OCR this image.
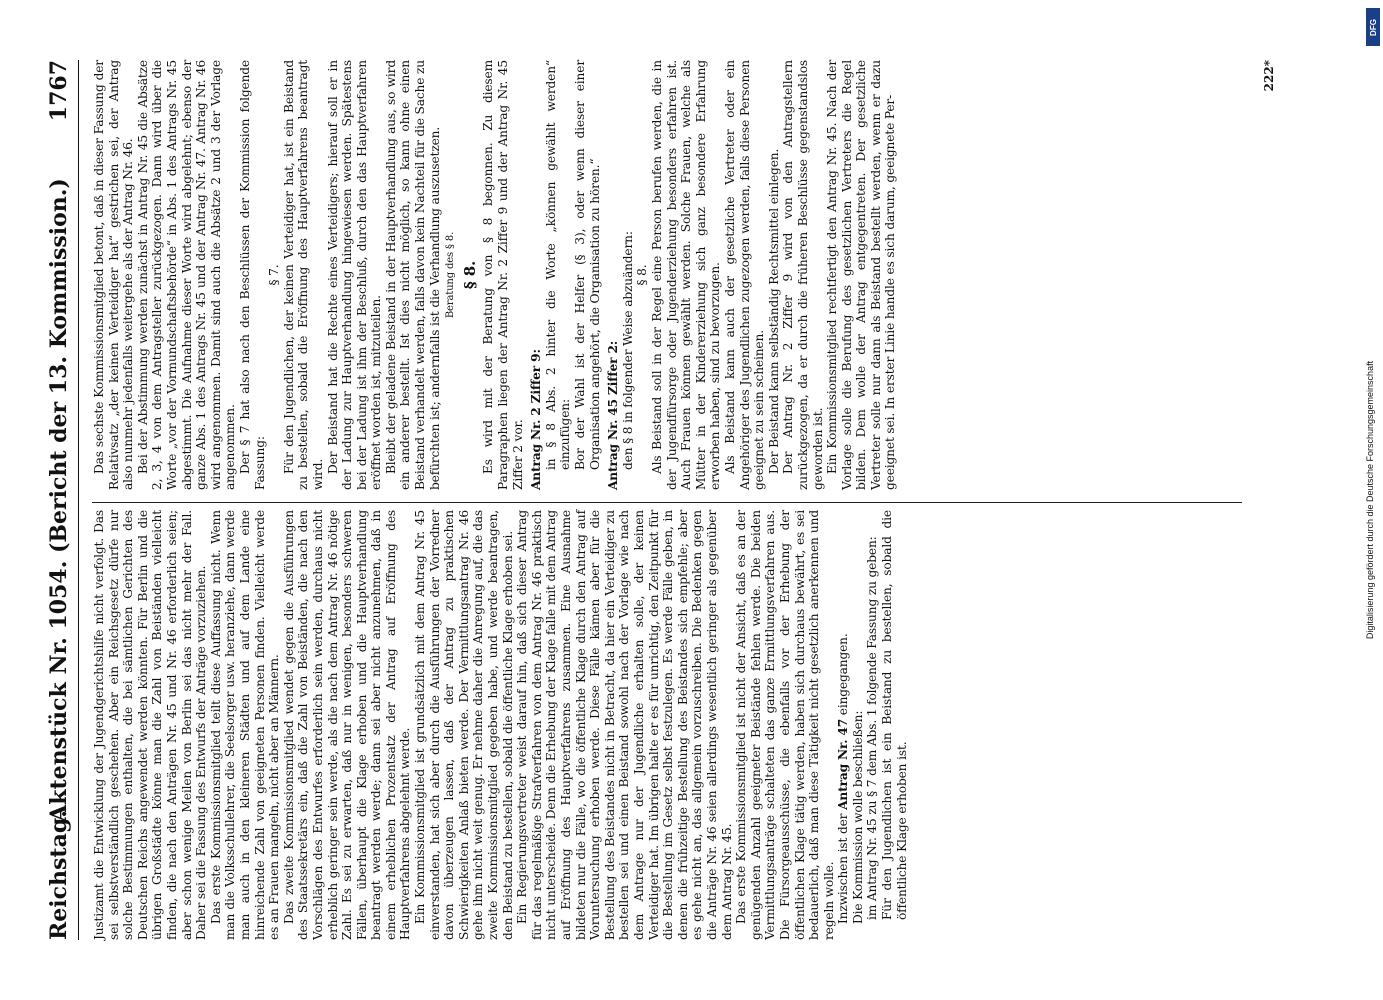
Reichstag.
Aktenstück Nr. 1054. (Bericht der 13. Kommission.)
1767

Justizamt die Entwicklung der Jugendgerichtshilfe nicht verfolgt. Das sei selbstverständlich geschehen. Aber ein Reichsgesetz dürfe nur solche Bestimmungen enthalten, die bei sämtlichen Gerichten des Deutschen Reichs angewendet werden könnten. Für Berlin und die übrigen Großstädte könne man die Zahl von Beiständen vielleicht finden, die nach den Anträgen Nr. 45 und Nr. 46 erforderlich seien; aber schon wenige Meilen von Berlin sei das nicht mehr der Fall. Daher sei die Fassung des Entwurfs der Anträge vorzuziehen. Das erste Kommissionsmitglied teilt diese Auffassung nicht. Wenn man die Volksschullehrer, die Seelsorger usw. heranziehe, dann werde man auch in den kleineren Städten und auf dem Lande eine hinreichende Zahl von geeigneten Personen finden. Vielleicht werde es an Frauen mangeln, nicht aber an Männern. Das zweite Kommissionsmitglied wendet gegen die Ausführungen des Staatssekretärs ein, daß die Zahl von Beiständen, die nach den Vorschlägen des Entwurfes erforderlich sein werden, durchaus nicht erheblich geringer sein werde, als die nach dem Antrag Nr. 46 nötige Zahl. Es sei zu erwarten, daß nur in wenigen, besonders schweren Fällen, überhaupt die Klage erhoben und die Hauptverhandlung beantragt werden werde; dann sei aber nicht anzunehmen, daß in einem erheblichen Prozentsatz der Antrag auf Eröffnung des Hauptverfahrens abgelehnt werde. Ein Kommissionsmitglied ist grundsätzlich mit dem Antrag Nr. 45 einverstanden, hat sich aber durch die Ausführungen der Vorredner davon überzeugen lassen, daß der Antrag zu praktischen Schwierigkeiten Anlaß bieten werde. Der Vermittlungsantrag Nr. 46 gehe ihm nicht weit genug. Er nehme daher die Anregung auf, die das zweite Kommissionsmitglied gegeben habe, und werde beantragen, den Beistand zu bestellen, sobald die öffentliche Klage erhoben sei. Ein Regierungsvertreter weist darauf hin, daß sich dieser Antrag für das regelmäßige Strafverfahren von dem Antrag Nr. 46 praktisch nicht unterscheide. Denn die Erhebung der Klage falle mit dem Antrag auf Eröffnung des Hauptverfahrens zusammen. Eine Ausnahme bildeten nur die Fälle, wo die öffentliche Klage durch den Antrag auf Voruntersuchung erhoben werde. Diese Fälle kämen aber für die Bestellung des Beistandes nicht in Betracht, da hier ein Verteidiger zu bestellen sei und einen Beistand sowohl nach der Vorlage wie nach dem Antrage nur der Jugendliche erhalten solle, der keinen Verteidiger hat. Im übrigen halte er es für unrichtig, den Zeitpunkt für die Bestellung im Gesetz selbst festzulegen. Es werde Fälle geben, in denen die frühzeitige Bestellung des Beistandes sich empfehle; aber es gehe nicht an, das allgemein vorzuschreiben. Die Bedenken gegen die Anträge Nr. 46 seien allerdings wesentlich geringer als gegenüber dem Antrag Nr. 45. Das erste Kommissionsmitglied ist nicht der Ansicht, daß es an der genügenden Anzahl geeigneter Beistände fehlen werde. Die beiden Vermittlungsanträge schalteten das ganze Ermittlungsverfahren aus. Die Fürsorgeausschüsse, die ebenfalls vor der Erhebung der öffentlichen Klage tätig werden, haben sich durchaus bewährt, es sei bedauerlich, daß man diese Tätigkeit nicht gesetzlich anerkennen und regeln wolle. Inzwischen ist der Antrag Nr. 47 eingegangen.

Die Kommission wolle beschließen: im Antrag Nr. 45 zu § 7 dem Abs. 1 folgende Fassung zu geben: Für den Jugendlichen ist ein Beistand zu bestellen, sobald die öffentliche Klage erhoben ist.

Das sechste Kommissionsmitglied betont, daß in dieser Fassung der Relativsatz „der keinen Verteidiger hat“ gestrichen sei, der Antrag also nunmehr jedenfalls weitergehe als der Antrag Nr. 46. Bei der Abstimmung werden zunächst in Antrag Nr. 45 die Absätze 2, 3, 4 von dem Antragsteller zurückgezogen. Dann wird über die Worte „vor der Vormundschaftsbehörde“ in Abs. 1 des Antrags Nr. 45 abgestimmt. Die Aufnahme dieser Worte wird abgelehnt; ebenso der ganze Abs. 1 des Antrags Nr. 45 und der Antrag Nr. 47. Antrag Nr. 46 wird angenommen. Damit sind auch die Absätze 2 und 3 der Vorlage angenommen. Der § 7 hat also nach den Beschlüssen der Kommission folgende Fassung:

§ 7. Für den Jugendlichen, der keinen Verteidiger hat, ist ein Beistand zu bestellen, sobald die Eröffnung des Hauptverfahrens beantragt wird.

Der Beistand hat die Rechte eines Verteidigers; hierauf soll er in der Ladung zur Hauptverhandlung hingewiesen werden. Spätestens bei der Ladung ist ihm der Beschluß, durch den das Hauptverfahren eröffnet worden ist, mitzuteilen. Bleibt der geladene Beistand in der Hauptverhandlung aus, so wird ein anderer bestellt. Ist dies nicht möglich, so kann ohne einen Beistand verhandelt werden, falls davon kein Nachteil für die Sache zu befürchten ist; andernfalls ist die Verhandlung auszusetzen. Beratung des § 8. § 8. Es wird mit der Beratung von § 8 begonnen. Zu diesem Paragraphen liegen der Antrag Nr. 2 Ziffer 9 und der Antrag Nr. 45 Ziffer 2 vor. Antrag Nr. 2 Ziffer 9: in § 8 Abs. 2 hinter die Worte „können gewählt werden“ einzufügen: Bor der Wahl ist der Helfer (§ 3), oder wenn dieser einer Organisation angehört, die Organisation zu hören.“ Antrag Nr. 45 Ziffer 2: den § 8 in folgender Weise abzuändern: § 8. Als Beistand soll in der Regel eine Person berufen werden, die in der Jugendfürsorge oder Jugenderziehung besonders erfahren ist. Auch Frauen können gewählt werden. Solche Frauen, welche als Mütter in der Kindererziehung sich ganz besondere Erfahrung erworben haben, sind zu bevorzugen. Als Beistand kann auch der gesetzliche Vertreter oder ein Angehöriger des Jugendlichen zugezogen werden, falls diese Personen geeignet zu sein scheinen. Der Beistand kann selbständig Rechtsmittel einlegen. Der Antrag Nr. 2 Ziffer 9 wird von den Antragstellern zurückgezogen, da er durch die früheren Beschlüsse gegenstandslos geworden ist. Ein Kommissionsmitglied rechtfertigt den Antrag Nr. 45. Nach der Vorlage solle die Berufung des gesetzlichen Vertreters die Regel bilden. Dem wolle der Antrag entgegentreten. Der gesetzliche Vertreter solle nur dann als Beistand bestellt werden, wenn er dazu geeignet sei. In erster Linie handle es sich darum, geeignete Per-

222*
Digitalisierung gefördert durch die Deutsche Forschungsgemeinschaft
DFG
